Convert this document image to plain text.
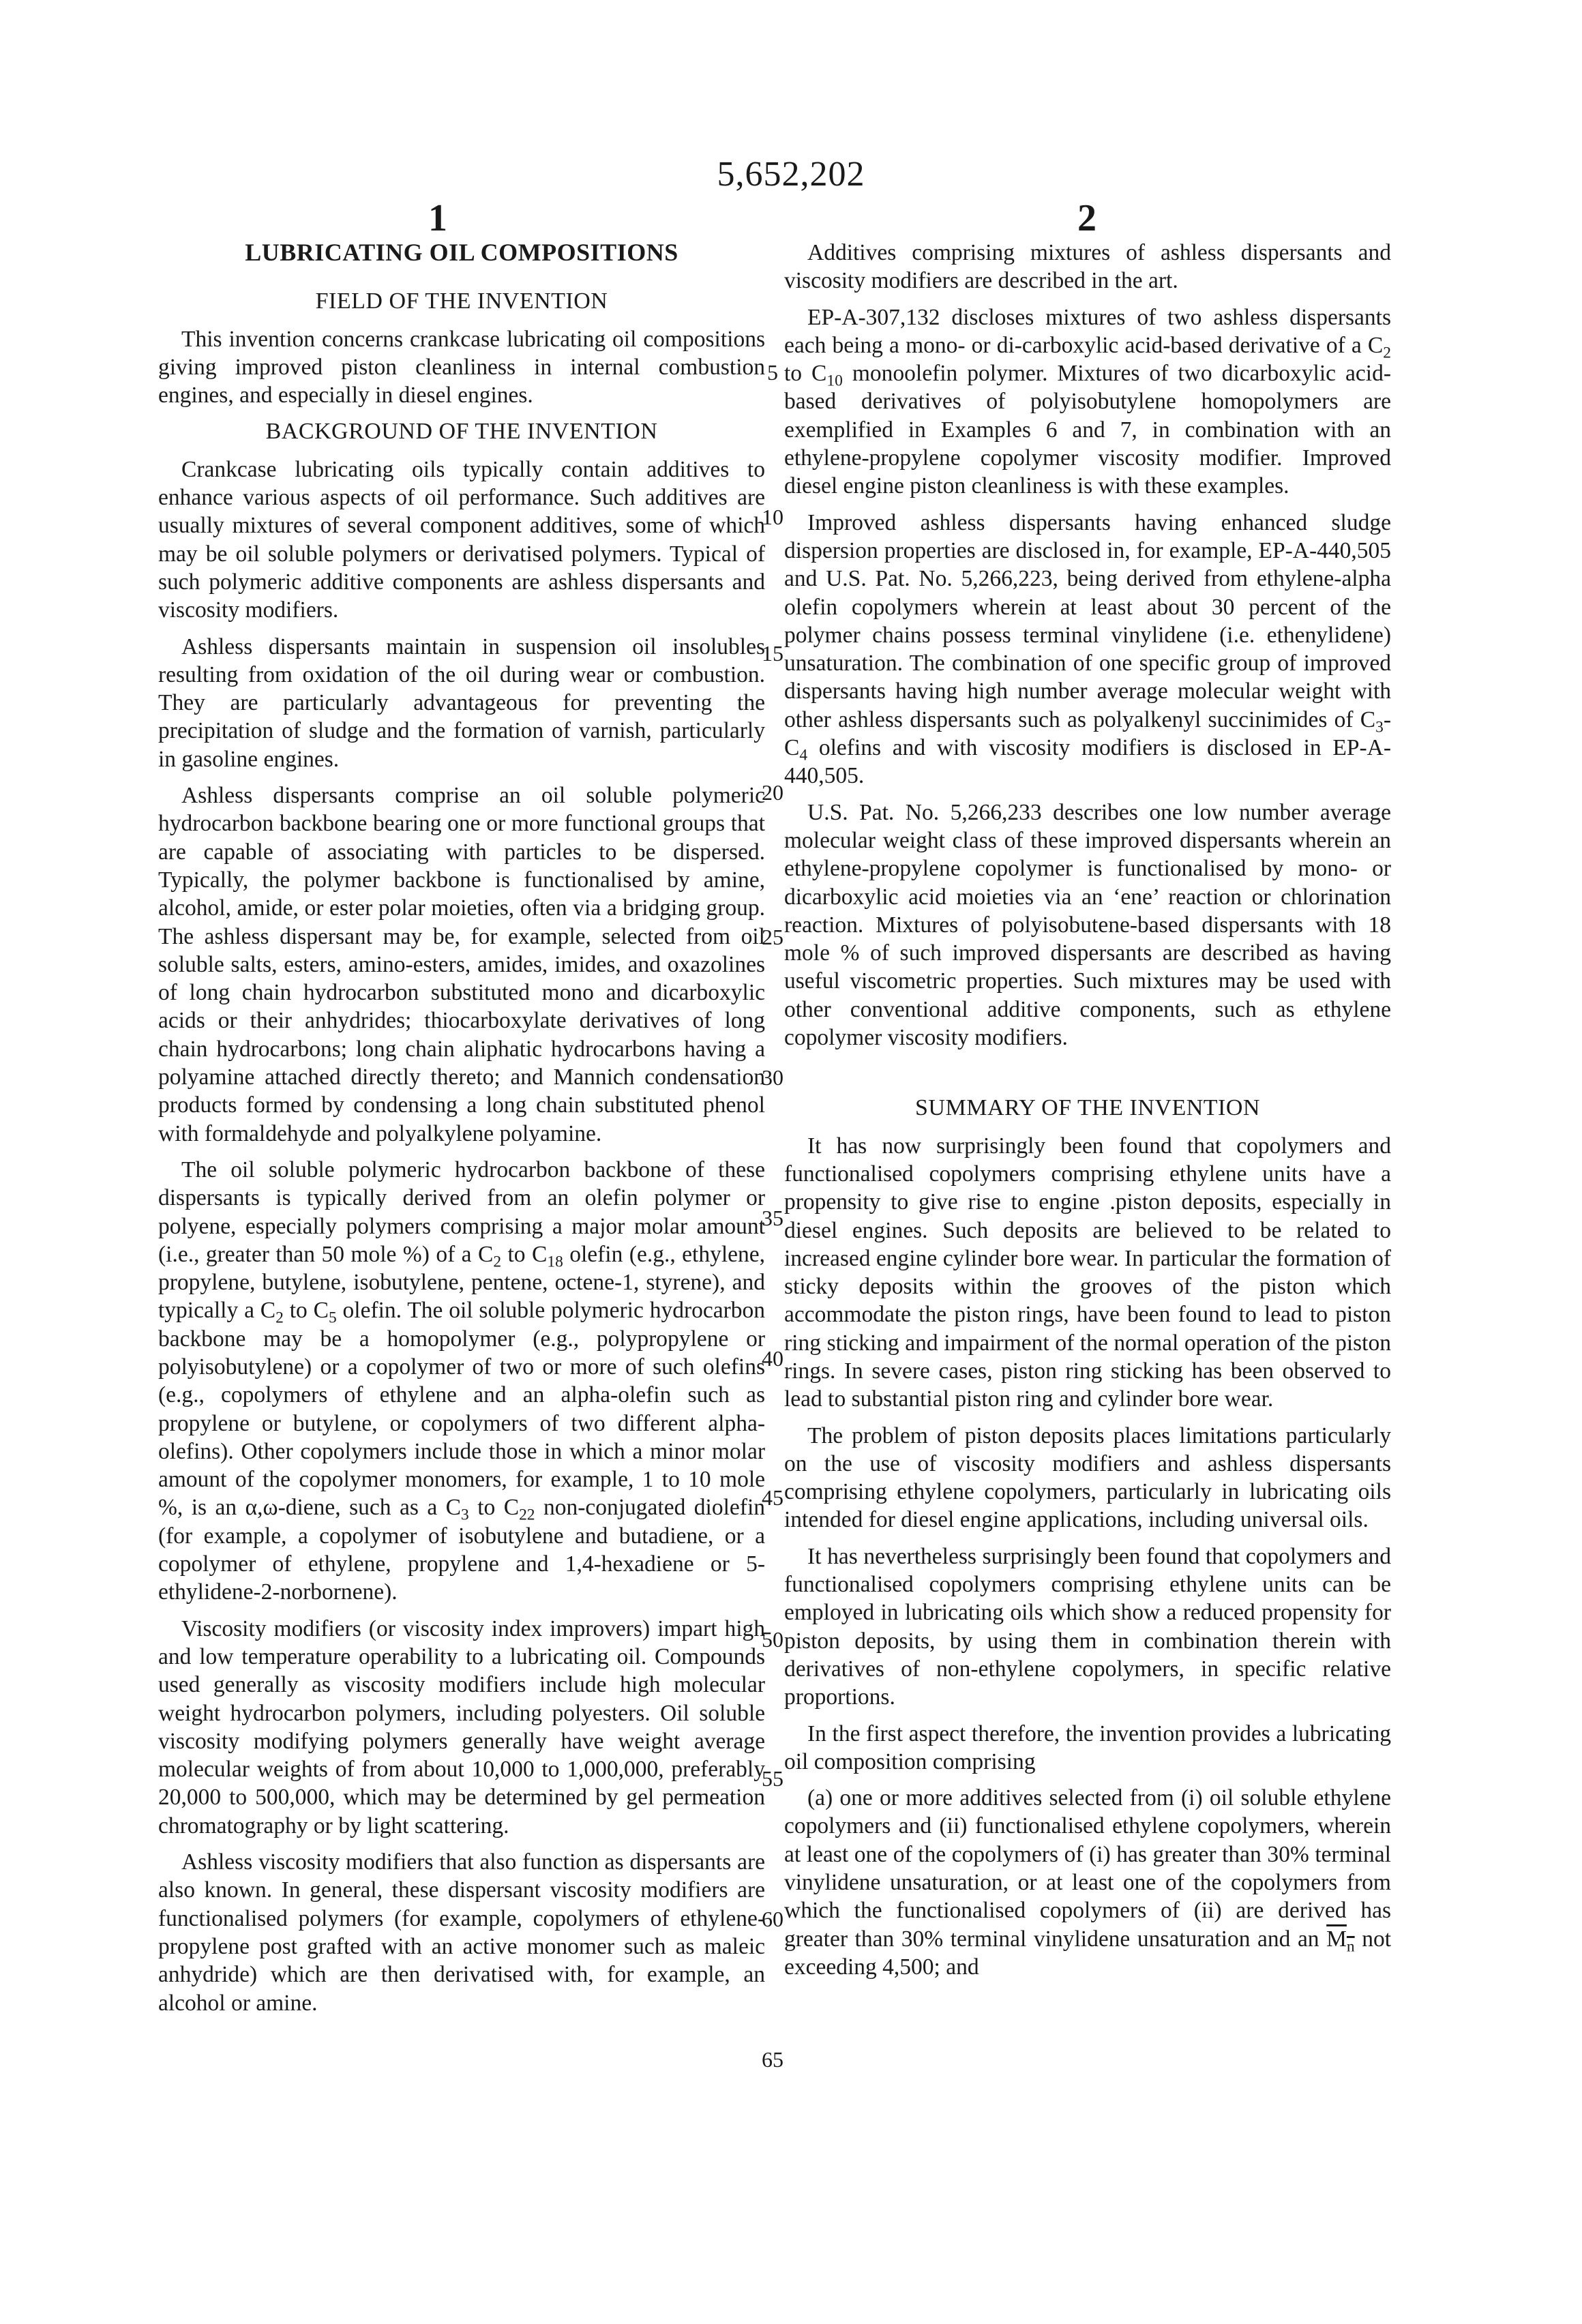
5,652,202
1	2
LUBRICATING OIL COMPOSITIONS
FIELD OF THE INVENTION

This invention concerns crankcase lubricating oil compositions giving improved piston cleanliness in internal combustion engines, and especially in diesel engines.

BACKGROUND OF THE INVENTION

Crankcase lubricating oils typically contain additives to enhance various aspects of oil performance. Such additives are usually mixtures of several component additives, some of which may be oil soluble polymers or derivatised polymers. Typical of such polymeric additive components are ashless dispersants and viscosity modifiers.

Ashless dispersants maintain in suspension oil insolubles resulting from oxidation of the oil during wear or combustion. They are particularly advantageous for preventing the precipitation of sludge and the formation of varnish, particularly in gasoline engines.

Ashless dispersants comprise an oil soluble polymeric hydrocarbon backbone bearing one or more functional groups that are capable of associating with particles to be dispersed. Typically, the polymer backbone is functionalised by amine, alcohol, amide, or ester polar moieties, often via a bridging group. The ashless dispersant may be, for example, selected from oil soluble salts, esters, amino-esters, amides, imides, and oxazolines of long chain hydrocarbon substituted mono and dicarboxylic acids or their anhydrides; thiocarboxylate derivatives of long chain hydrocarbons; long chain aliphatic hydrocarbons having a polyamine attached directly thereto; and Mannich condensation products formed by condensing a long chain substituted phenol with formaldehyde and polyalkylene polyamine.

The oil soluble polymeric hydrocarbon backbone of these dispersants is typically derived from an olefin polymer or polyene, especially polymers comprising a major molar amount (i.e., greater than 50 mole %) of a C2 to C18 olefin (e.g., ethylene, propylene, butylene, isobutylene, pentene, octene-1, styrene), and typically a C2 to C5 olefin. The oil soluble polymeric hydrocarbon backbone may be a homopolymer (e.g., polypropylene or polyisobutylene) or a copolymer of two or more of such olefins (e.g., copolymers of ethylene and an alpha-olefin such as propylene or butylene, or copolymers of two different alpha-olefins). Other copolymers include those in which a minor molar amount of the copolymer monomers, for example, 1 to 10 mole %, is an α,ω-diene, such as a C3 to C22 non-conjugated diolefin (for example, a copolymer of isobutylene and butadiene, or a copolymer of ethylene, propylene and 1,4-hexadiene or 5-ethylidene-2-norbornene).

Viscosity modifiers (or viscosity index improvers) impart high and low temperature operability to a lubricating oil. Compounds used generally as viscosity modifiers include high molecular weight hydrocarbon polymers, including polyesters. Oil soluble viscosity modifying polymers generally have weight average molecular weights of from about 10,000 to 1,000,000, preferably 20,000 to 500,000, which may be determined by gel permeation chromatography or by light scattering.

Ashless viscosity modifiers that also function as dispersants are also known. In general, these dispersant viscosity modifiers are functionalised polymers (for example, copolymers of ethylene-propylene post grafted with an active monomer such as maleic anhydride) which are then derivatised with, for example, an alcohol or amine.

Additives comprising mixtures of ashless dispersants and viscosity modifiers are described in the art.

EP-A-307,132 discloses mixtures of two ashless dispersants each being a mono- or di-carboxylic acid-based derivative of a C2 to C10 monoolefin polymer. Mixtures of two dicarboxylic acid-based derivatives of polyisobutylene homopolymers are exemplified in Examples 6 and 7, in combination with an ethylene-propylene copolymer viscosity modifier. Improved diesel engine piston cleanliness is with these examples.

Improved ashless dispersants having enhanced sludge dispersion properties are disclosed in, for example, EP-A-440,505 and U.S. Pat. No. 5,266,223, being derived from ethylene-alpha olefin copolymers wherein at least about 30 percent of the polymer chains possess terminal vinylidene (i.e. ethenylidene) unsaturation. The combination of one specific group of improved dispersants having high number average molecular weight with other ashless dispersants such as polyalkenyl succinimides of C3-C4 olefins and with viscosity modifiers is disclosed in EP-A-440,505.

U.S. Pat. No. 5,266,233 describes one low number average molecular weight class of these improved dispersants wherein an ethylene-propylene copolymer is functionalised by mono- or dicarboxylic acid moieties via an ‘ene’ reaction or chlorination reaction. Mixtures of polyisobutene-based dispersants with 18 mole % of such improved dispersants are described as having useful viscometric properties. Such mixtures may be used with other conventional additive components, such as ethylene copolymer viscosity modifiers.

SUMMARY OF THE INVENTION

It has now surprisingly been found that copolymers and functionalised copolymers comprising ethylene units have a propensity to give rise to engine .piston deposits, especially in diesel engines. Such deposits are believed to be related to increased engine cylinder bore wear. In particular the formation of sticky deposits within the grooves of the piston which accommodate the piston rings, have been found to lead to piston ring sticking and impairment of the normal operation of the piston rings. In severe cases, piston ring sticking has been observed to lead to substantial piston ring and cylinder bore wear.

The problem of piston deposits places limitations particularly on the use of viscosity modifiers and ashless dispersants comprising ethylene copolymers, particularly in lubricating oils intended for diesel engine applications, including universal oils.

It has nevertheless surprisingly been found that copolymers and functionalised copolymers comprising ethylene units can be employed in lubricating oils which show a reduced propensity for piston deposits, by using them in combination therein with derivatives of non-ethylene copolymers, in specific relative proportions.

In the first aspect therefore, the invention provides a lubricating oil composition comprising

(a) one or more additives selected from (i) oil soluble ethylene copolymers and (ii) functionalised ethylene copolymers, wherein at least one of the copolymers of (i) has greater than 30% terminal vinylidene unsaturation, or at least one of the copolymers from which the functionalised copolymers of (ii) are derived has greater than 30% terminal vinylidene unsaturation and an Mn not exceeding 4,500; and

5
10
15
20
25
30
35
40
45
50
55
60
65
